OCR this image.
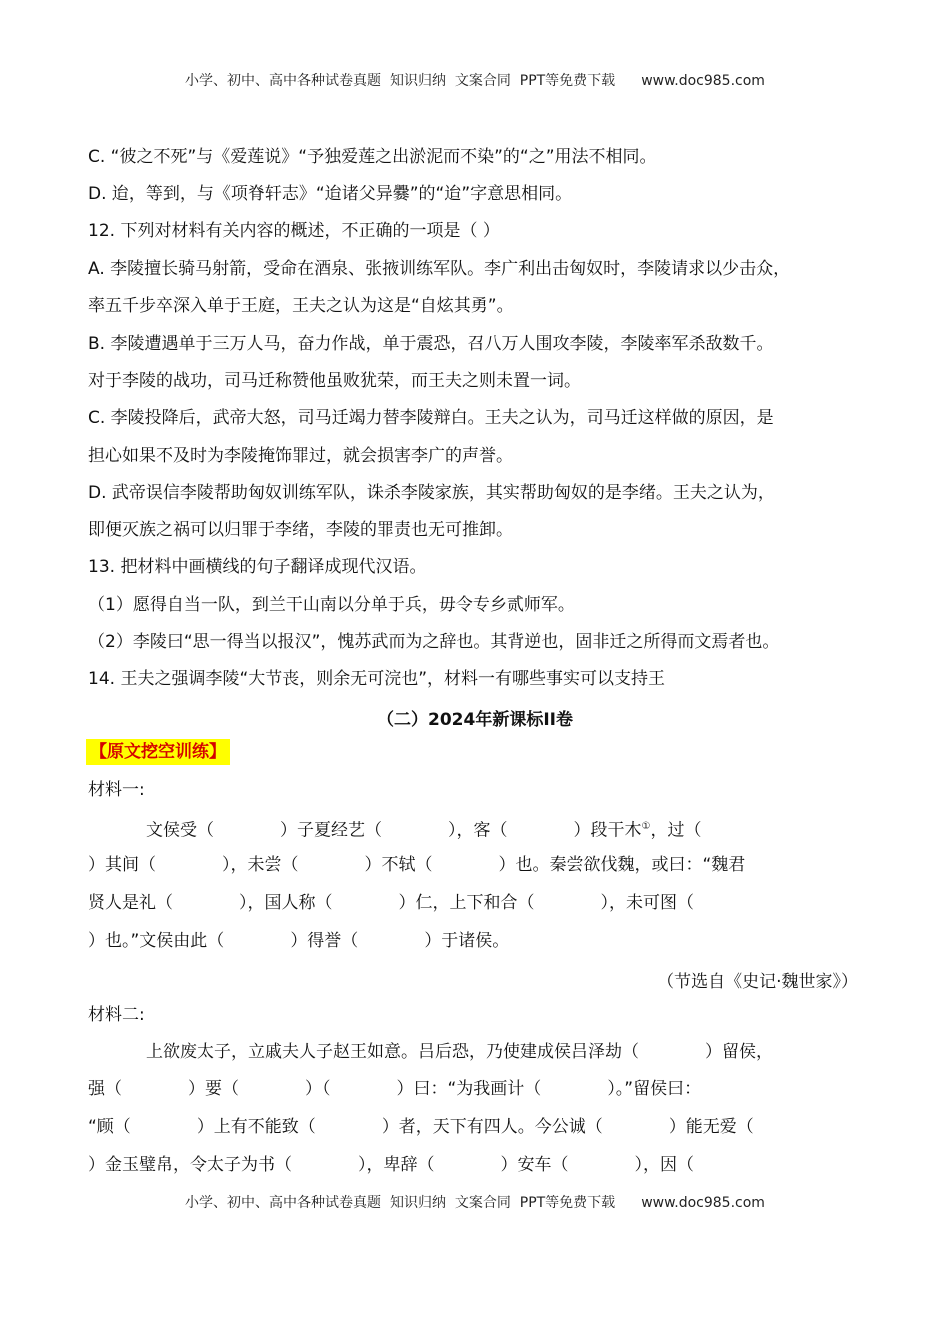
小学、初中、高中各种试卷真题  知识归纳  文案合同  PPT等免费下载 www.doc985.com
C. “彼之不死”与《爱莲说》“予独爱莲之出淤泥而不染”的“之”用法不相同。
D. 迨，等到，与《项脊轩志》“迨诸父异爨”的“迨”字意思相同。
12. 下列对材料有关内容的概述，不正确的一项是（ ）
A. 李陵擅长骑马射箭，受命在酒泉、张掖训练军队。李广利出击匈奴时，李陵请求以少击众，
率五千步卒深入单于王庭，王夫之认为这是“自炫其勇”。
B. 李陵遭遇单于三万人马，奋力作战，单于震恐，召八万人围攻李陵，李陵率军杀敌数千。
对于李陵的战功，司马迁称赞他虽败犹荣，而王夫之则未置一词。
C. 李陵投降后，武帝大怒，司马迁竭力替李陵辩白。王夫之认为，司马迁这样做的原因，是
担心如果不及时为李陵掩饰罪过，就会损害李广的声誉。
D. 武帝误信李陵帮助匈奴训练军队，诛杀李陵家族，其实帮助匈奴的是李绪。王夫之认为，
即便灭族之祸可以归罪于李绪，李陵的罪责也无可推卸。
13. 把材料中画横线的句子翻译成现代汉语。
（1）愿得自当一队，到兰干山南以分单于兵，毋令专乡贰师军。
（2）李陵曰“思一得当以报汉”，愧苏武而为之辞也。其背逆也，固非迁之所得而文焉者也。
14. 王夫之强调李陵“大节丧，则余无可浣也”，材料一有哪些事实可以支持王
（二）2024年新课标II卷
【原文挖空训练】
材料一:
文侯受（	）子夏经艺（	），客（	）段干木①，过（
）其间（	），未尝（	）不轼（	）也。秦尝欲伐魏，或曰：“魏君
贤人是礼（	），国人称（	）仁，上下和合（	），未可图（
）也。”文侯由此（	）得誉（	）于诸侯。
（节选自《史记·魏世家》）
材料二:
上欲废太子，立戚夫人子赵王如意。吕后恐，乃使建成侯吕泽劫（	）留侯，
强（	）要（	）（	）曰：“为我画计（	）。”留侯曰：
“顾（	）上有不能致（	）者，天下有四人。今公诚（	）能无爱（
）金玉璧帛，令太子为书（	），卑辞（	）安车（	），因（
小学、初中、高中各种试卷真题  知识归纳  文案合同  PPT等免费下载 www.doc985.com
